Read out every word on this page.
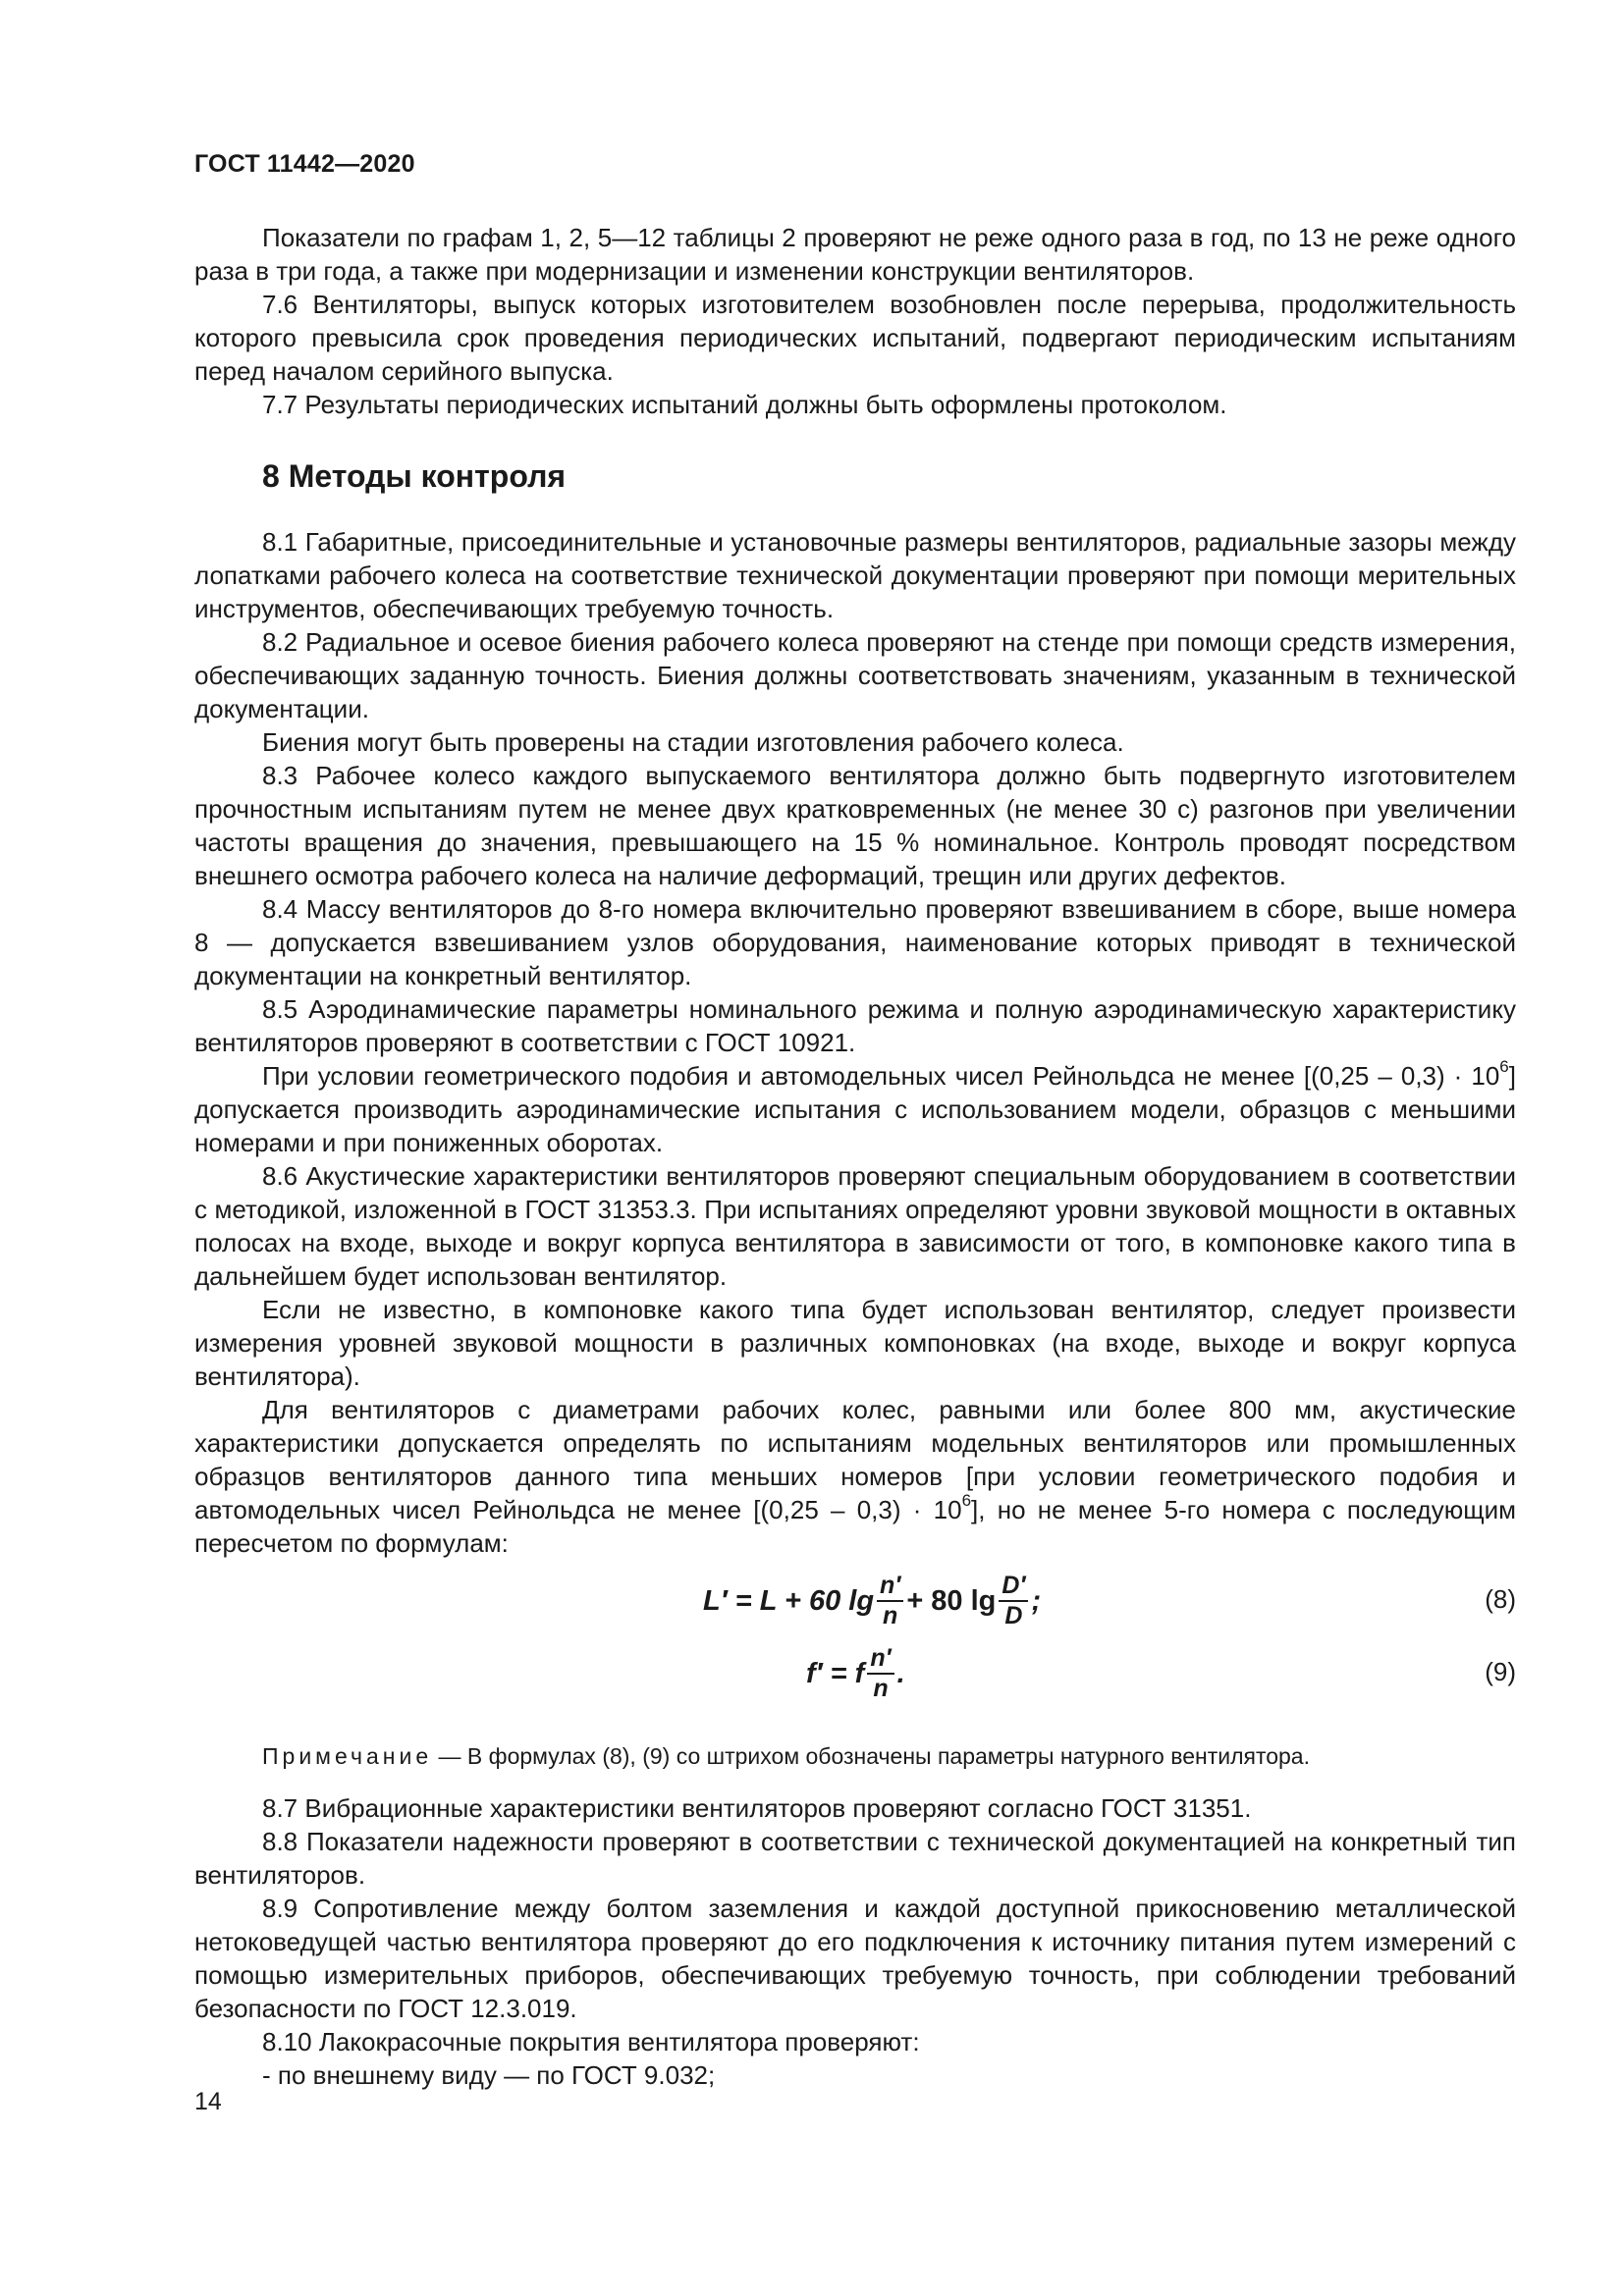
ГОСТ 11442—2020

Показатели по графам 1, 2, 5—12 таблицы 2 проверяют не реже одного раза в год, по 13 не реже одного раза в три года, а также при модернизации и изменении конструкции вентиляторов.

7.6 Вентиляторы, выпуск которых изготовителем возобновлен после перерыва, продолжительность которого превысила срок проведения периодических испытаний, подвергают периодическим испытаниям перед началом серийного выпуска.

7.7 Результаты периодических испытаний должны быть оформлены протоколом.

8 Методы контроля

8.1 Габаритные, присоединительные и установочные размеры вентиляторов, радиальные зазоры между лопатками рабочего колеса на соответствие технической документации проверяют при помощи мерительных инструментов, обеспечивающих требуемую точность.

8.2 Радиальное и осевое биения рабочего колеса проверяют на стенде при помощи средств измерения, обеспечивающих заданную точность. Биения должны соответствовать значениям, указанным в технической документации.

Биения могут быть проверены на стадии изготовления рабочего колеса.

8.3 Рабочее колесо каждого выпускаемого вентилятора должно быть подвергнуто изготовителем прочностным испытаниям путем не менее двух кратковременных (не менее 30 с) разгонов при увеличении частоты вращения до значения, превышающего на 15 % номинальное. Контроль проводят посредством внешнего осмотра рабочего колеса на наличие деформаций, трещин или других дефектов.

8.4 Массу вентиляторов до 8-го номера включительно проверяют взвешиванием в сборе, выше номера 8 — допускается взвешиванием узлов оборудования, наименование которых приводят в технической документации на конкретный вентилятор.

8.5 Аэродинамические параметры номинального режима и полную аэродинамическую характеристику вентиляторов проверяют в соответствии с ГОСТ 10921.

При условии геометрического подобия и автомодельных чисел Рейнольдса не менее $[(0,25 - 0,3) \cdot 10^6]$ допускается производить аэродинамические испытания с использованием модели, образцов с меньшими номерами и при пониженных оборотах.

8.6 Акустические характеристики вентиляторов проверяют специальным оборудованием в соответствии с методикой, изложенной в ГОСТ 31353.3. При испытаниях определяют уровни звуковой мощности в октавных полосах на входе, выходе и вокруг корпуса вентилятора в зависимости от того, в компоновке какого типа в дальнейшем будет использован вентилятор.

Если не известно, в компоновке какого типа будет использован вентилятор, следует произвести измерения уровней звуковой мощности в различных компоновках (на входе, выходе и вокруг корпуса вентилятора).

Для вентиляторов с диаметрами рабочих колес, равными или более 800 мм, акустические характеристики допускается определять по испытаниям модельных вентиляторов или промышленных образцов вентиляторов данного типа меньших номеров [при условии геометрического подобия и автомодельных чисел Рейнольдса не менее $[(0,25 - 0,3) \cdot 10^6]$, но не менее 5-го номера с последующим пересчетом по формулам:

L′ = L + 60 $\lg \frac{n'}{n} + 80$ $\lg \frac{D'}{D}$ ;	(8)
f′ = f $\frac{n'}{n}$ .	(9)

Примечание — В формулах (8), (9) со штрихом обозначены параметры натурного вентилятора.

8.7 Вибрационные характеристики вентиляторов проверяют согласно ГОСТ 31351.

8.8 Показатели надежности проверяют в соответствии с технической документацией на конкретный тип вентиляторов.

8.9 Сопротивление между болтом заземления и каждой доступной прикосновению металлической нетоковедущей частью вентилятора проверяют до его подключения к источнику питания путем измерений с помощью измерительных приборов, обеспечивающих требуемую точность, при соблюдении требований безопасности по ГОСТ 12.3.019.

8.10 Лакокрасочные покрытия вентилятора проверяют:

- по внешнему виду — по ГОСТ 9.032;

14
